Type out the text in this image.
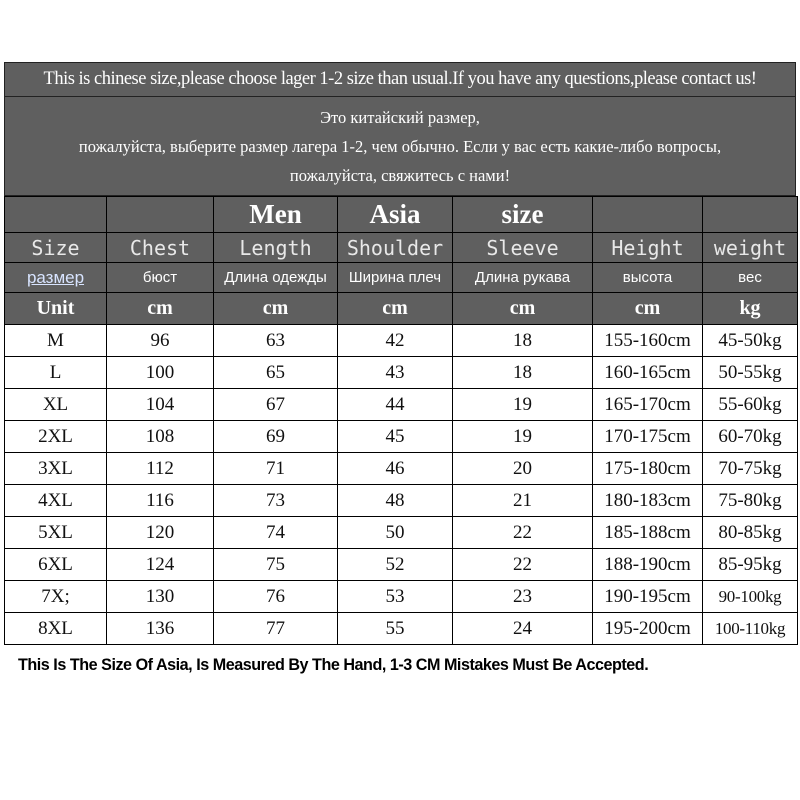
This is chinese size,please choose lager 1-2 size than usual.If you have any questions,please contact us!
Это китайский размер,
пожалуйста, выберите размер лагера 1-2, чем обычно. Если у вас есть какие-либо вопросы,
пожалуйста, свяжитесь с нами!
		Men	Asia	size		
Size	Chest	Length	Shoulder	Sleeve	Height	weight
размер	бюст	Длина одежды	Ширина плеч	Длина рукава	высота	вес
Unit	cm	cm	cm	cm	cm	kg
M	96	63	42	18	155-160cm	45-50kg
L	100	65	43	18	160-165cm	50-55kg
XL	104	67	44	19	165-170cm	55-60kg
2XL	108	69	45	19	170-175cm	60-70kg
3XL	112	71	46	20	175-180cm	70-75kg
4XL	116	73	48	21	180-183cm	75-80kg
5XL	120	74	50	22	185-188cm	80-85kg
6XL	124	75	52	22	188-190cm	85-95kg
7X;	130	76	53	23	190-195cm	90-100kg
8XL	136	77	55	24	195-200cm	100-110kg
This Is The Size Of Asia, Is Measured By The Hand, 1-3 CM Mistakes Must Be Accepted.
